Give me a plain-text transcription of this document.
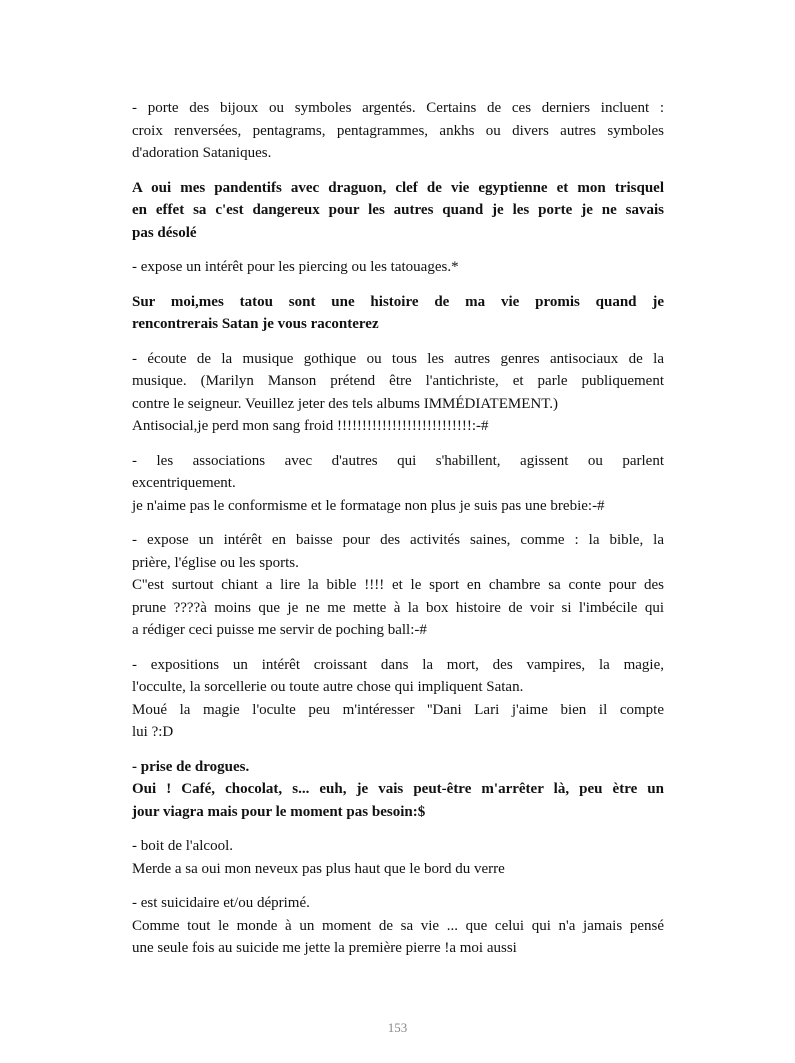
- porte des bijoux ou symboles argentés. Certains de ces derniers incluent :
croix renversées, pentagrams, pentagrammes, ankhs ou divers autres symboles
d'adoration Sataniques.

A oui mes pandentifs avec draguon, clef de vie egyptienne et mon trisquel
en effet sa c'est dangereux pour les autres quand je les porte je ne savais
pas désolé

- expose un intérêt pour les piercing ou les tatouages.*

Sur moi,mes tatou sont une histoire de ma vie promis quand je
rencontrerais Satan je vous raconterez

- écoute de la musique gothique ou tous les autres genres antisociaux de la
musique. (Marilyn Manson prétend être l'antichriste, et parle publiquement
contre le seigneur. Veuillez jeter des tels albums IMMÉDIATEMENT.)
Antisocial,je perd mon sang froid !!!!!!!!!!!!!!!!!!!!!!!!!!!:-#

- les associations avec d'autres qui s'habillent, agissent ou parlent
excentriquement.
je n'aime pas le conformisme et le formatage non plus je suis pas une brebie:-#

- expose un intérêt en baisse pour des activités saines, comme : la bible, la
prière, l'église ou les sports.
C''est surtout chiant a lire la bible !!!! et le sport en chambre sa conte pour des
prune ????à moins que je ne me mette à la box histoire de voir si l'imbécile qui
a rédiger ceci puisse me servir de poching ball:-#

- expositions un intérêt croissant dans la mort, des vampires, la magie,
l'occulte, la sorcellerie ou toute autre chose qui impliquent Satan.
Moué la magie l'oculte peu m'intéresser ''Dani Lari j'aime bien il compte
lui ?:D

- prise de drogues.
Oui ! Café, chocolat, s... euh, je vais peut-être m'arrêter là, peu ètre un
jour viagra mais pour le moment pas besoin:$

- boit de l'alcool.
Merde a sa oui mon neveux pas plus haut que le bord du verre

- est suicidaire et/ou déprimé.
Comme tout le monde à un moment de sa vie ... que celui qui n'a jamais pensé
une seule fois au suicide me jette la première pierre !a moi aussi

153
